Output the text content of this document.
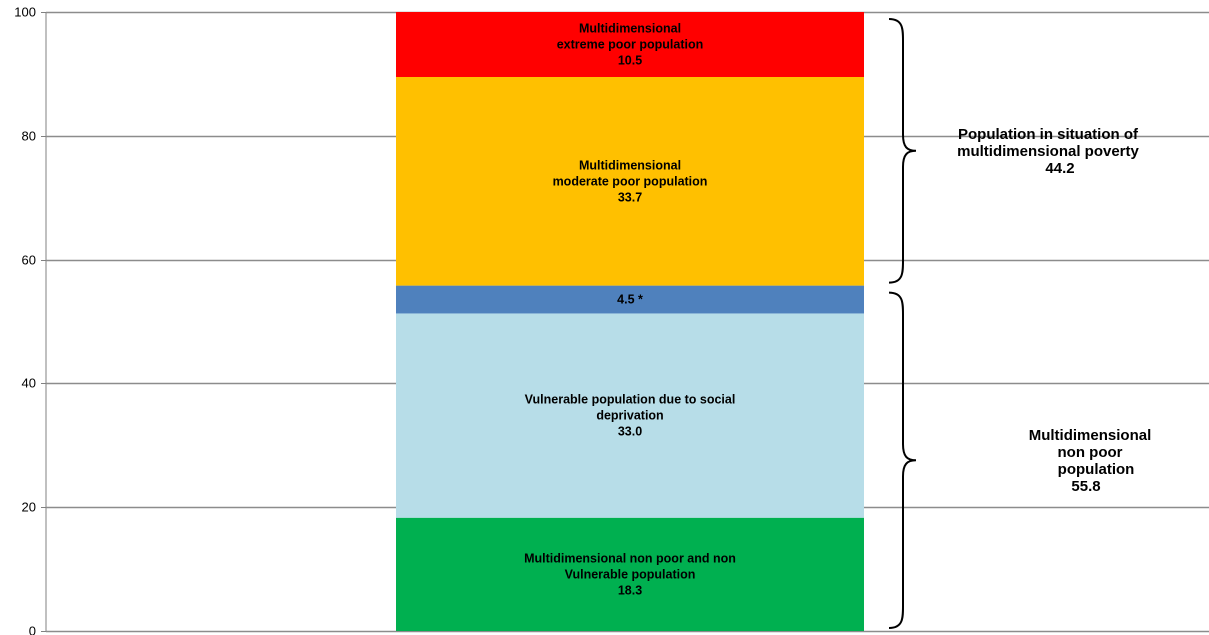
0
20
40
60
80
100
Multidimensional non poor and non
Vulnerable population
18.3
Vulnerable population due to social
deprivation
33.0
4.5 *
Multidimensional
moderate poor population
33.7
Multidimensional
extreme poor population
10.5
Population in situation of
multidimensional poverty
44.2
Multidimensional
non poor
population
55.8
